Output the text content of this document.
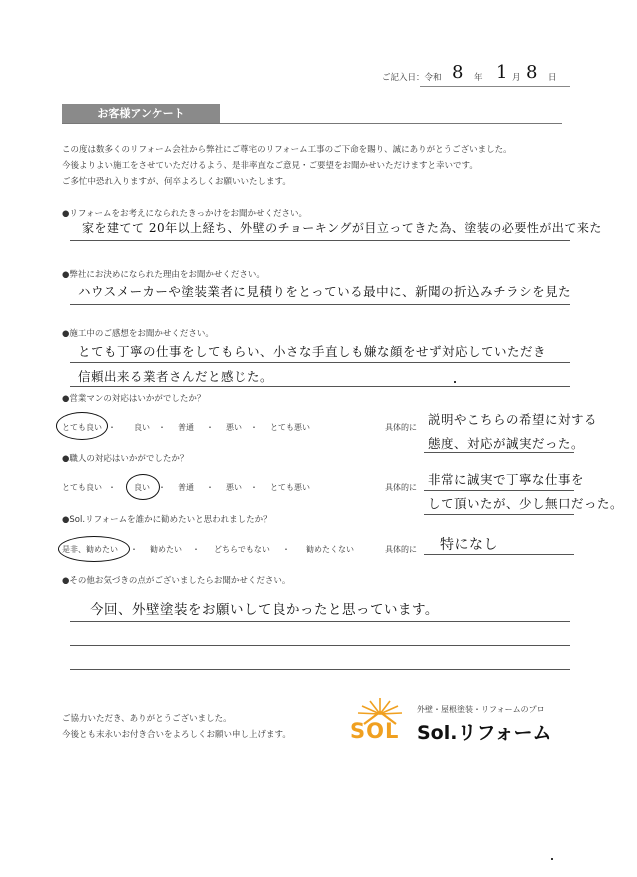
ご記入日：令和 8 年 1 月 8 日
お客様アンケート
この度は数多くのリフォーム会社から弊社にご尊宅のリフォーム工事のご下命を賜り、誠にありがとうございました。
今後よりよい施工をさせていただけるよう、是非率直なご意見・ご要望をお聞かせいただけますと幸いです。
ご多忙中恐れ入りますが、何卒よろしくお願いいたします。
●リフォームをお考えになられたきっかけをお聞かせください。
家を建てて 20年以上経ち、外壁のチョーキングが目立ってきた為、塗装の必要性が出て来た
●弊社にお決めになられた理由をお聞かせください。
ハウスメーカーや塗装業者に見積りをとっている最中に、新聞の折込みチラシを見た
●施工中のご感想をお聞かせください。
とても丁寧の仕事をしてもらい、小さな手直しも嫌な顔をせず対応していただき
信頼出来る業者さんだと感じた。
●営業マンの対応はいかがでしたか？
とても良い ・ 良い ・ 普通 ・ 悪い ・ とても悪い	具体的に
説明やこちらの希望に対する
態度、対応が誠実だった。
●職人の対応はいかがでしたか？
とても良い ・ 良い ・ 普通 ・ 悪い ・ とても悪い	具体的に
非常に誠実で丁寧な仕事を
して頂いたが、少し無口だった。
●Sol.リフォームを誰かに勧めたいと思われましたか？
是非、勧めたい ・ 勧めたい ・ どちらでもない ・ 勧めたくない	具体的に 特になし
●その他お気づきの点がございましたらお聞かせください。
今回、外壁塗装をお願いして良かったと思っています。
ご協力いただき、ありがとうございました。
今後とも末永いお付き合いをよろしくお願い申し上げます。	SOL
外壁・屋根塗装・リフォームのプロ
Sol.リフォーム
